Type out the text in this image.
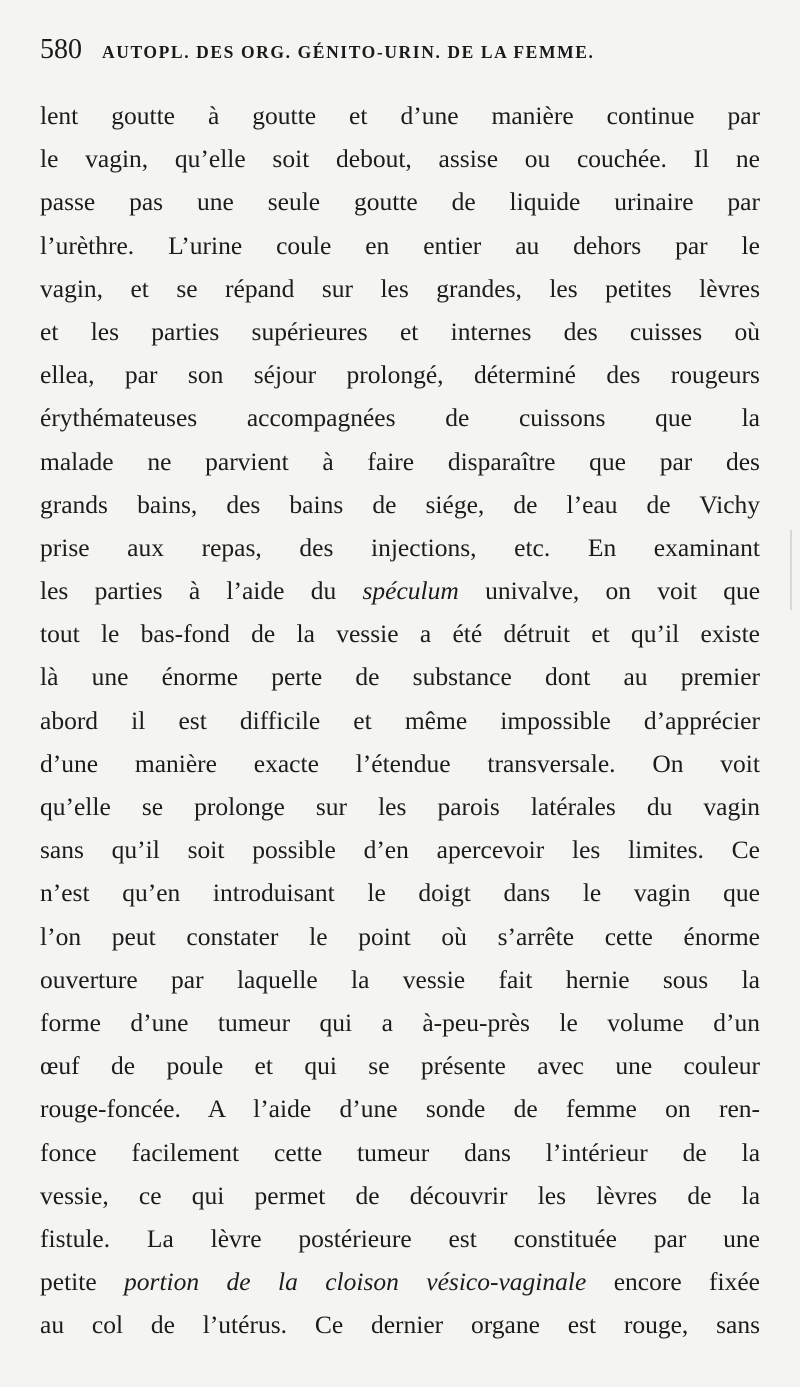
580 AUTOPL. DES ORG. GÉNITO-URIN. DE LA FEMME.
lent goutte à goutte et d’une manière continue par
le vagin, qu’elle soit debout, assise ou couchée. Il ne
passe pas une seule goutte de liquide urinaire par
l’urèthre. L’urine coule en entier au dehors par le
vagin, et se répand sur les grandes, les petites lèvres
et les parties supérieures et internes des cuisses où
ellea, par son séjour prolongé, déterminé des rougeurs
érythémateuses accompagnées de cuissons que la
malade ne parvient à faire disparaître que par des
grands bains, des bains de siége, de l’eau de Vichy
prise aux repas, des injections, etc. En examinant
les parties à l’aide du spéculum univalve, on voit que
tout le bas-fond de la vessie a été détruit et qu’il existe
là une énorme perte de substance dont au premier
abord il est difficile et même impossible d’apprécier
d’une manière exacte l’étendue transversale. On voit
qu’elle se prolonge sur les parois latérales du vagin
sans qu’il soit possible d’en apercevoir les limites. Ce
n’est qu’en introduisant le doigt dans le vagin que
l’on peut constater le point où s’arrête cette énorme
ouverture par laquelle la vessie fait hernie sous la
forme d’une tumeur qui a à-peu-près le volume d’un
œuf de poule et qui se présente avec une couleur
rouge-foncée. A l’aide d’une sonde de femme on ren-
fonce facilement cette tumeur dans l’intérieur de la
vessie, ce qui permet de découvrir les lèvres de la
fistule. La lèvre postérieure est constituée par une
petite portion de la cloison vésico-vaginale encore fixée
au col de l’utérus. Ce dernier organe est rouge, sans
